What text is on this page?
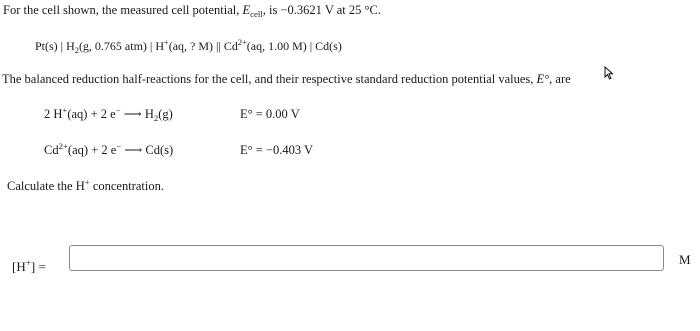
For the cell shown, the measured cell potential, $E_{cell}$, is −0.3621 V at 25 °C.
Pt(s) | $H_2(g$, 0.765 atm) | H+(aq, ? M) || $Cd^{2+}(aq$, 1.00 M) | Cd(s)
The balanced reduction half-reactions for the cell, and their respective standard reduction potential values, E°, are
2 H+(aq) + 2 e− ⟶ $H_2(g)$	E° = 0.00 V
$Cd^{2+}(aq) + 2$ e− ⟶ Cd(s)	E° = −0.403 V
Calculate the H+ concentration.
[H+] =	M
